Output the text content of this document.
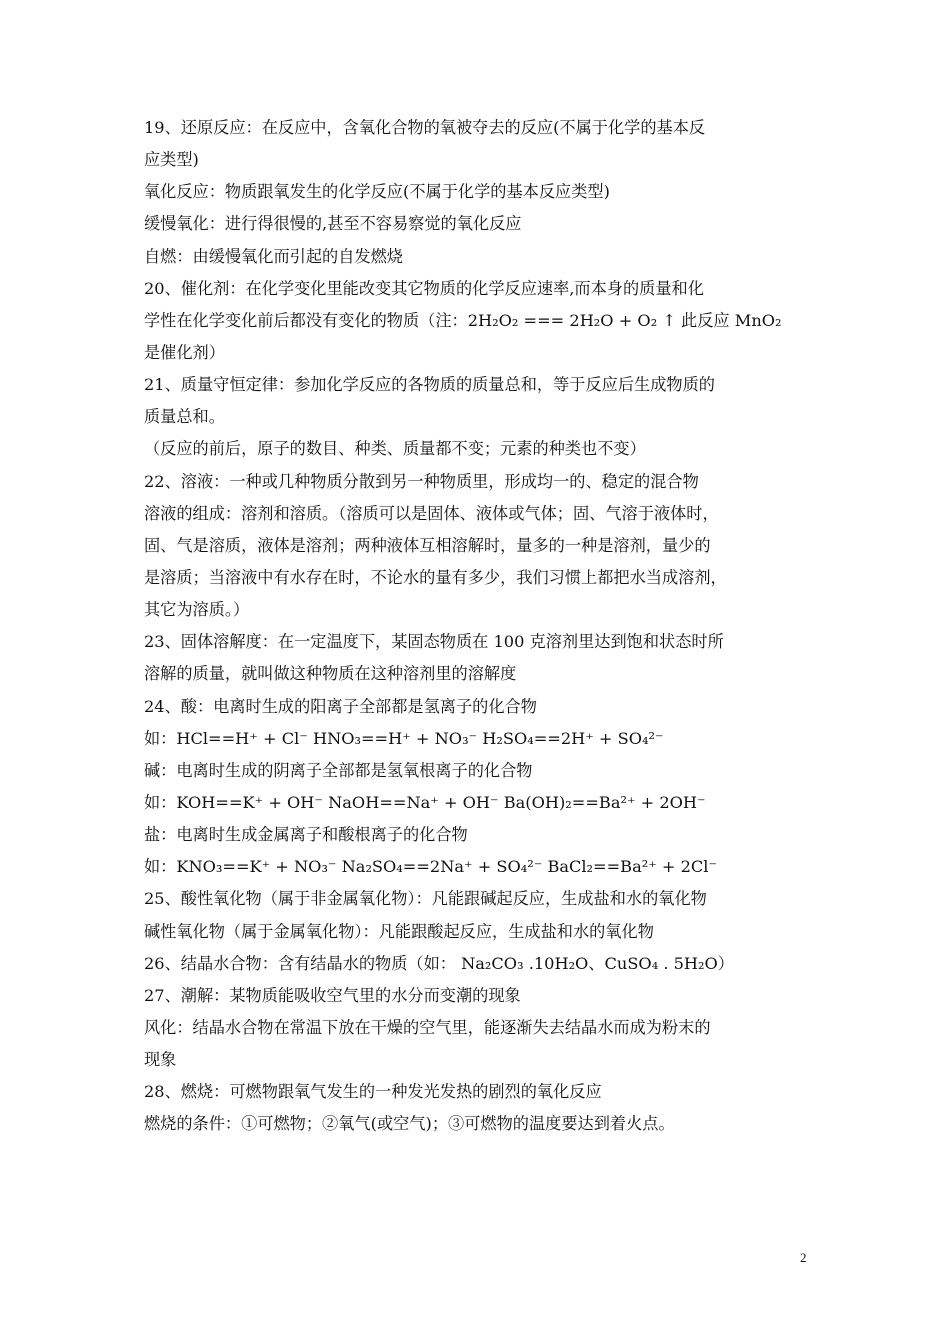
19、还原反应：在反应中，含氧化合物的氧被夺去的反应(不属于化学的基本反
应类型)
氧化反应：物质跟氧发生的化学反应(不属于化学的基本反应类型)
缓慢氧化：进行得很慢的,甚至不容易察觉的氧化反应
自燃：由缓慢氧化而引起的自发燃烧
20、催化剂：在化学变化里能改变其它物质的化学反应速率,而本身的质量和化
学性在化学变化前后都没有变化的物质（注：2H₂O₂ === 2H₂O + O₂ ↑ 此反应 MnO₂
是催化剂）
21、质量守恒定律：参加化学反应的各物质的质量总和，等于反应后生成物质的
质量总和。
（反应的前后，原子的数目、种类、质量都不变；元素的种类也不变）
22、溶液：一种或几种物质分散到另一种物质里，形成均一的、稳定的混合物
溶液的组成：溶剂和溶质。（溶质可以是固体、液体或气体；固、气溶于液体时，
固、气是溶质，液体是溶剂；两种液体互相溶解时，量多的一种是溶剂，量少的
是溶质；当溶液中有水存在时，不论水的量有多少，我们习惯上都把水当成溶剂，
其它为溶质。）
23、固体溶解度：在一定温度下，某固态物质在 100 克溶剂里达到饱和状态时所
溶解的质量，就叫做这种物质在这种溶剂里的溶解度
24、酸：电离时生成的阳离子全部都是氢离子的化合物
如：HCl==H⁺ + Cl⁻ HNO₃==H⁺ + NO₃⁻ H₂SO₄==2H⁺ + SO₄²⁻
碱：电离时生成的阴离子全部都是氢氧根离子的化合物
如：KOH==K⁺ + OH⁻ NaOH==Na⁺ + OH⁻ Ba(OH)₂==Ba²⁺ + 2OH⁻
盐：电离时生成金属离子和酸根离子的化合物
如：KNO₃==K⁺ + NO₃⁻ Na₂SO₄==2Na⁺ + SO₄²⁻ BaCl₂==Ba²⁺ + 2Cl⁻
25、酸性氧化物（属于非金属氧化物）：凡能跟碱起反应，生成盐和水的氧化物
碱性氧化物（属于金属氧化物）：凡能跟酸起反应，生成盐和水的氧化物
26、结晶水合物：含有结晶水的物质（如： Na₂CO₃ .10H₂O、CuSO₄ . 5H₂O）
27、潮解：某物质能吸收空气里的水分而变潮的现象
风化：结晶水合物在常温下放在干燥的空气里，能逐渐失去结晶水而成为粉末的
现象
28、燃烧：可燃物跟氧气发生的一种发光发热的剧烈的氧化反应
燃烧的条件：①可燃物；②氧气(或空气)；③可燃物的温度要达到着火点。
2
